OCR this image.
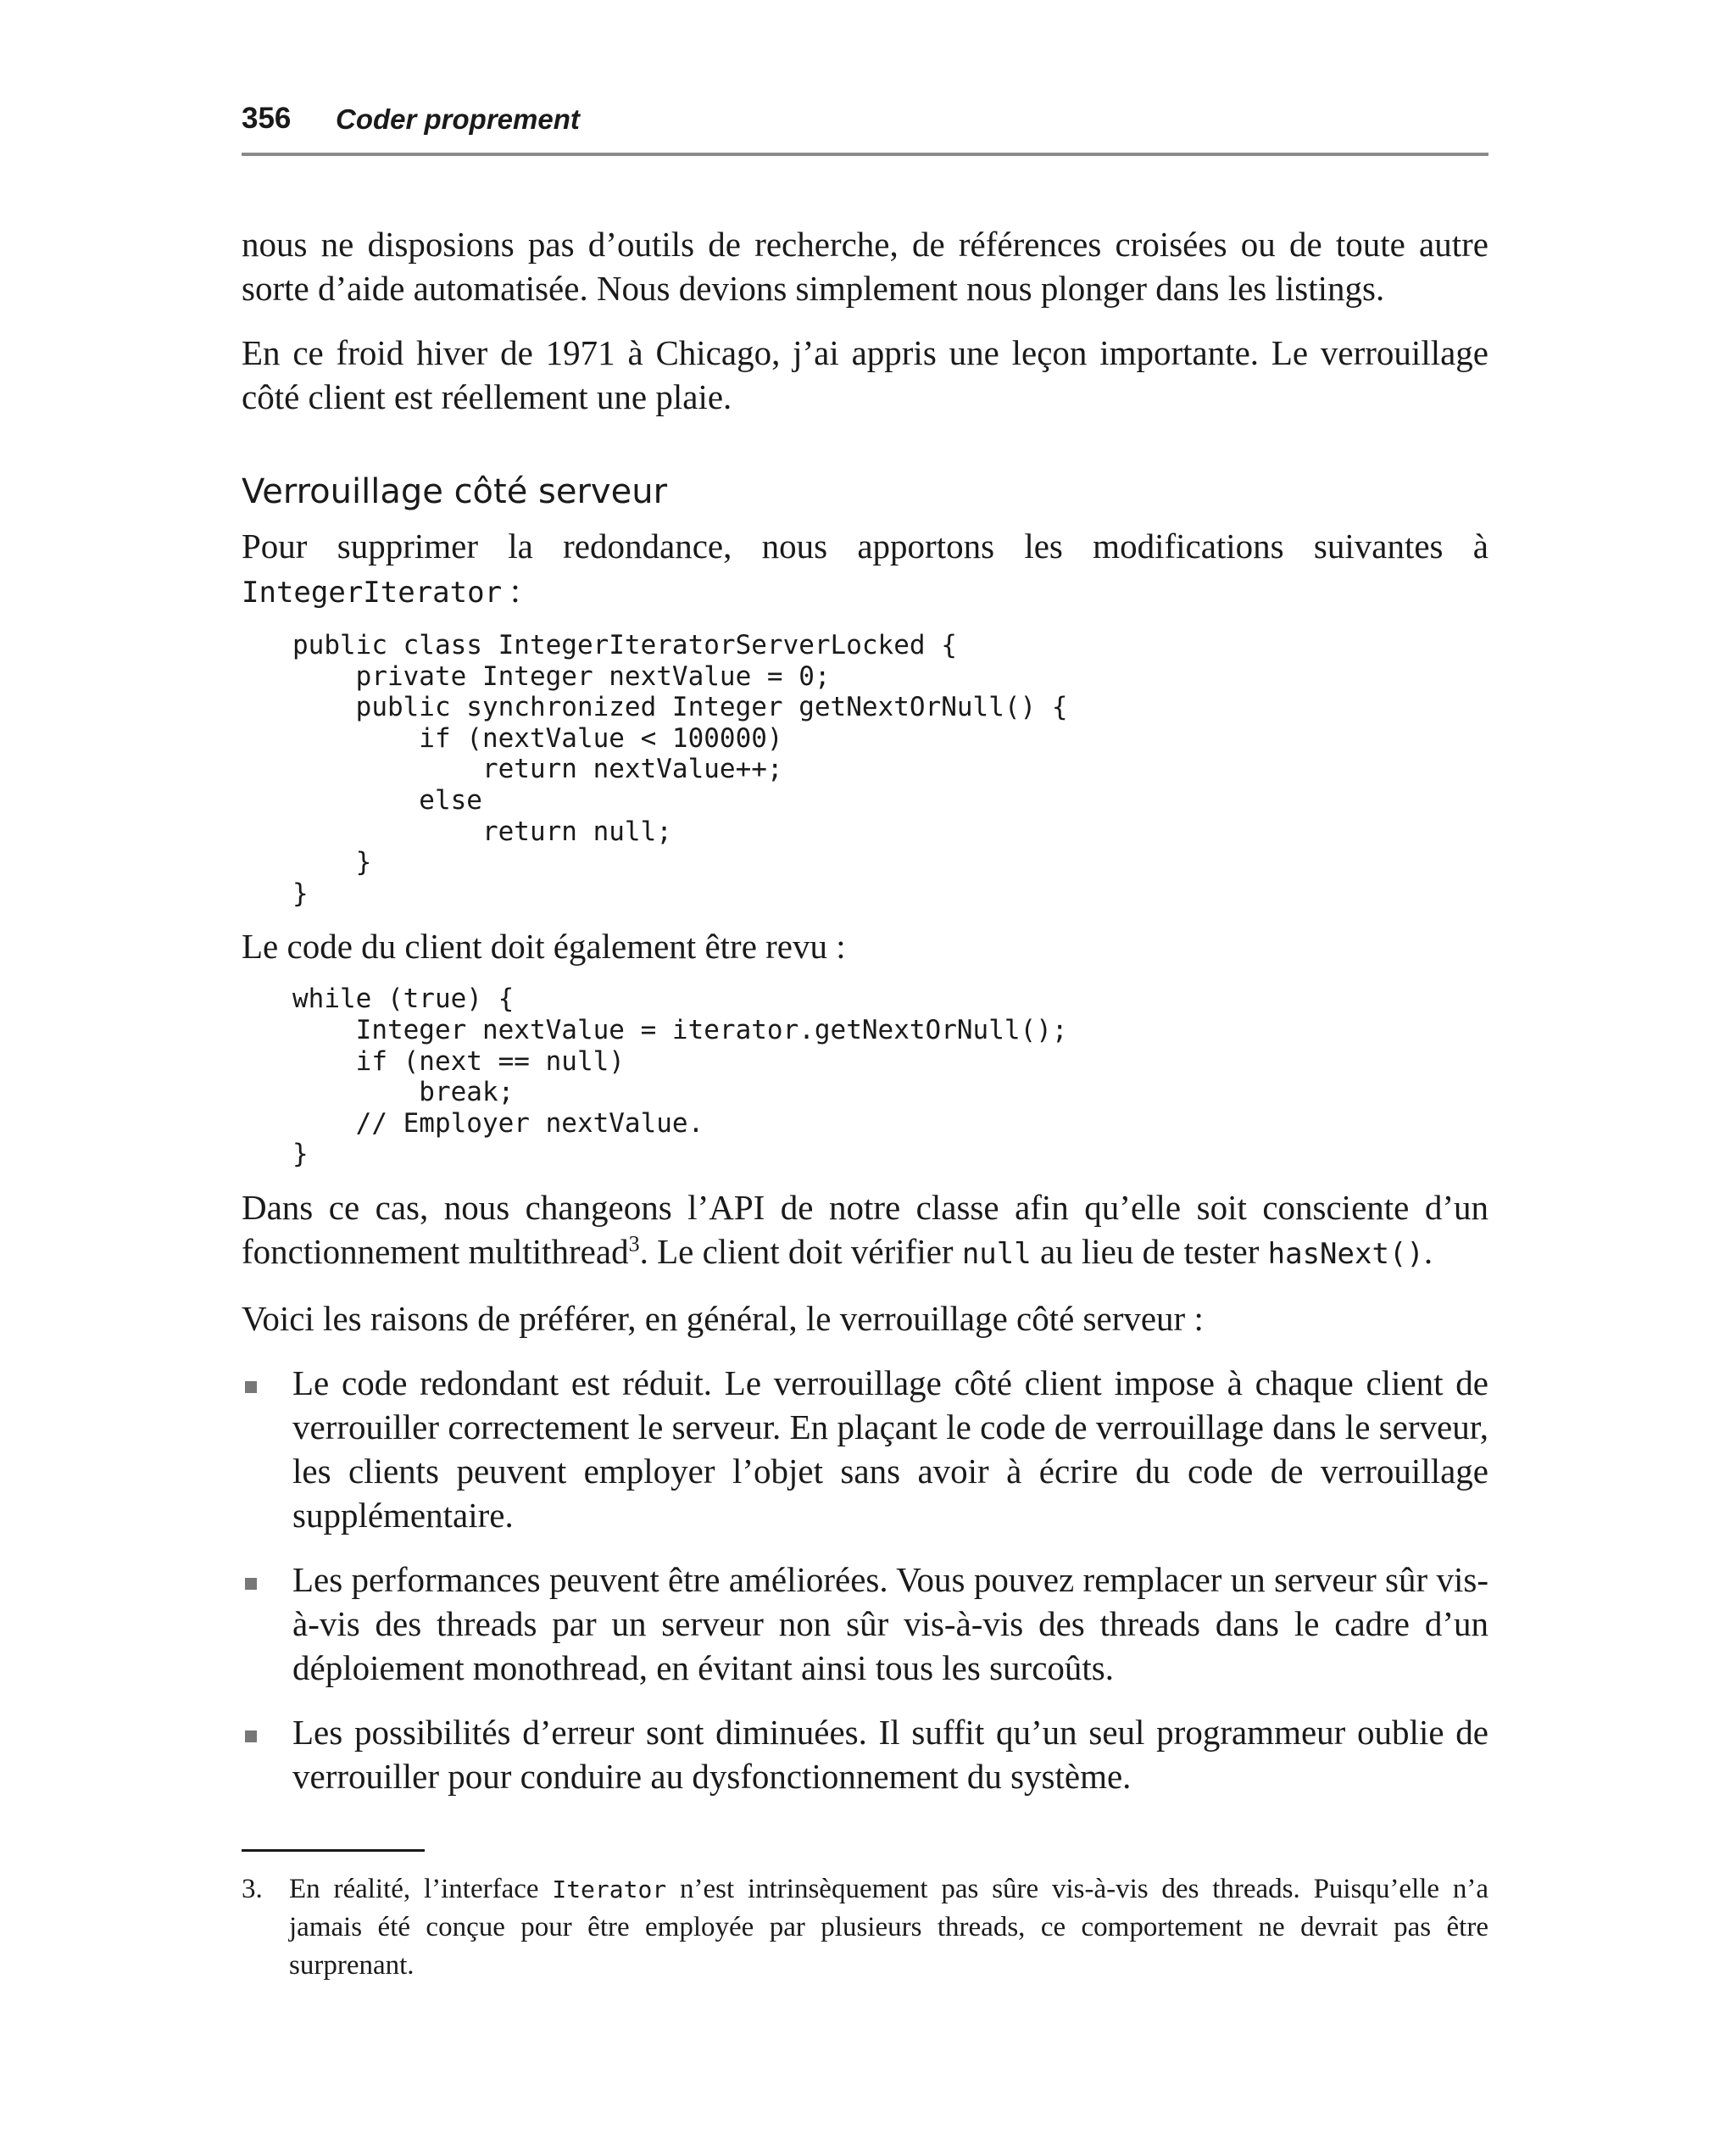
356 Coder proprement

nous ne disposions pas d’outils de recherche, de références croisées ou de toute autre sorte d’aide automatisée. Nous devions simplement nous plonger dans les listings.

En ce froid hiver de 1971 à Chicago, j’ai appris une leçon importante. Le verrouillage côté client est réellement une plaie.

Verrouillage côté serveur

Pour supprimer la redondance, nous apportons les modifications suivantes à IntegerIterator :

public class IntegerIteratorServerLocked {
private Integer nextValue = 0;
public synchronized Integer getNextOrNull() {
if (nextValue < 100000)
return nextValue++;
else
return null;
}
}

Le code du client doit également être revu :

while (true) {
Integer nextValue = iterator.getNextOrNull();
if (next == null)
break;
// Employer nextValue.
}

Dans ce cas, nous changeons l’API de notre classe afin qu’elle soit consciente d’un fonctionnement multithread$^3$. Le client doit vérifier null au lieu de tester hasNext().

Voici les raisons de préférer, en général, le verrouillage côté serveur :

Le code redondant est réduit. Le verrouillage côté client impose à chaque client de verrouiller correctement le serveur. En plaçant le code de verrouillage dans le serveur, les clients peuvent employer l’objet sans avoir à écrire du code de verrouillage supplémentaire.
Les performances peuvent être améliorées. Vous pouvez remplacer un serveur sûr vis-à-vis des threads par un serveur non sûr vis-à-vis des threads dans le cadre d’un déploiement monothread, en évitant ainsi tous les surcoûts.
Les possibilités d’erreur sont diminuées. Il suffit qu’un seul programmeur oublie de verrouiller pour conduire au dysfonctionnement du système.
3. En réalité, l’interface Iterator n’est intrinsèquement pas sûre vis-à-vis des threads. Puisqu’elle n’a jamais été conçue pour être employée par plusieurs threads, ce comportement ne devrait pas être surprenant.
